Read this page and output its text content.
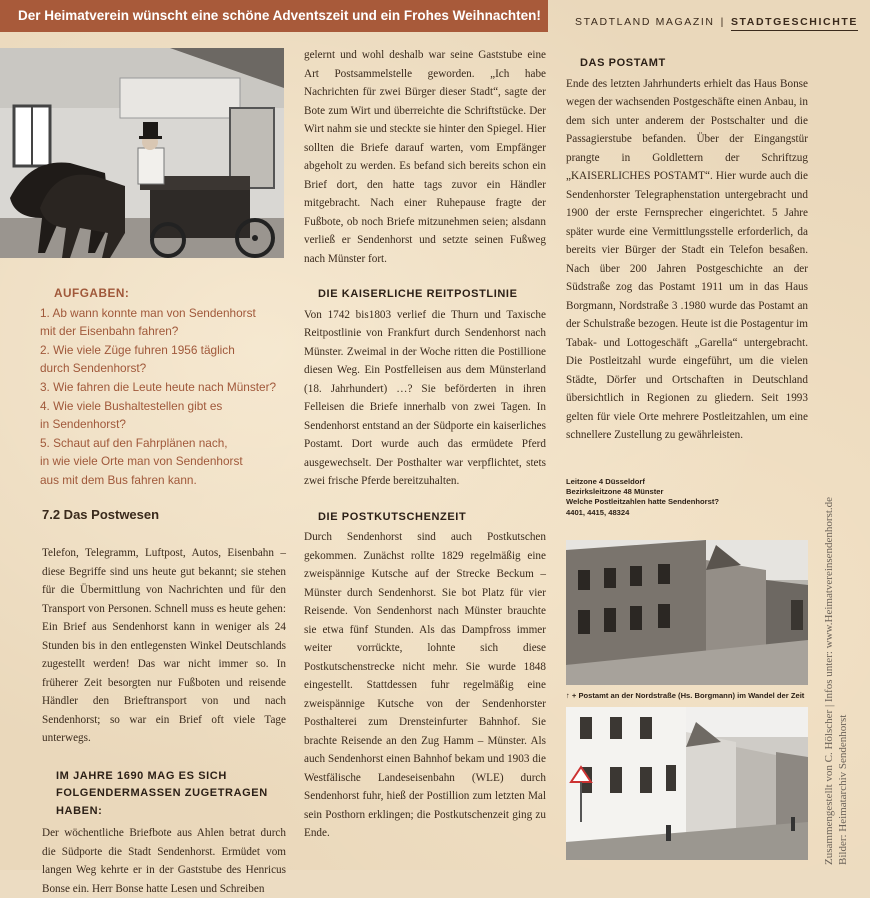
Der Heimatverein wünscht eine schöne Adventszeit und ein Frohes Weihnachten!	STADTLAND MAGAZIN | STADTGESCHICHTE
AUFGABEN:
1. Ab wann konnte man von Sendenhorst
mit der Eisenbahn fahren?
2. Wie viele Züge fuhren 1956 täglich
durch Sendenhorst?
3. Wie fahren die Leute heute nach Münster?
4. Wie viele Bushaltestellen gibt es
in Sendenhorst?
5. Schaut auf den Fahrplänen nach,
in wie viele Orte man von Sendenhorst
aus mit dem Bus fahren kann.
7.2 Das Postwesen

Telefon, Telegramm, Luftpost, Autos, Eisenbahn – diese Begriffe sind uns heute gut bekannt; sie stehen für die Übermittlung von Nachrichten und für den Transport von Personen. Schnell muss es heute gehen: Ein Brief aus Sendenhorst kann in weniger als 24 Stunden bis in den entlegensten Winkel Deutschlands zugestellt werden! Das war nicht immer so. In früherer Zeit besorgten nur Fußboten und reisende Händler den Brieftransport von und nach Sendenhorst; so war ein Brief oft viele Tage unterwegs.

IM JAHRE 1690 MAG ES SICH FOLGENDERMASSEN ZUGETRAGEN HABEN:

Der wöchentliche Briefbote aus Ahlen betrat durch die Südporte die Stadt Sendenhorst. Ermüdet vom langen Weg kehrte er in der Gaststube des Henricus Bonse ein. Herr Bonse hatte Lesen und Schreiben

gelernt und wohl deshalb war seine Gaststube eine Art Postsammelstelle geworden. „Ich habe Nachrichten für zwei Bürger dieser Stadt“, sagte der Bote zum Wirt und überreichte die Schriftstücke. Der Wirt nahm sie und steckte sie hinter den Spiegel. Hier sollten die Briefe darauf warten, vom Empfänger abgeholt zu werden. Es befand sich bereits schon ein Brief dort, den hatte tags zuvor ein Händler mitgebracht. Nach einer Ruhepause fragte der Fußbote, ob noch Briefe mitzunehmen seien; alsdann verließ er Sendenhorst und setzte seinen Fußweg nach Münster fort.

DIE KAISERLICHE REITPOSTLINIE

Von 1742 bis1803 verlief die Thurn und Taxische Reitpostlinie von Frankfurt durch Sendenhorst nach Münster. Zweimal in der Woche ritten die Postillione diesen Weg. Ein Postfelleisen aus dem Münsterland (18. Jahrhundert) …? Sie beförderten in ihren Felleisen die Briefe innerhalb von zwei Tagen. In Sendenhorst entstand an der Südporte ein kaiserliches Postamt. Dort wurde auch das ermüdete Pferd ausgewechselt. Der Posthalter war verpflichtet, stets zwei frische Pferde bereitzuhalten.

DIE POSTKUTSCHENZEIT

Durch Sendenhorst sind auch Postkutschen gekommen. Zunächst rollte 1829 regelmäßig eine zweispännige Kutsche auf der Strecke Beckum – Münster durch Sendenhorst. Sie bot Platz für vier Reisende. Von Sendenhorst nach Münster brauchte sie etwa fünf Stunden. Als das Dampfross immer weiter vorrückte, lohnte sich diese Postkutschenstrecke nicht mehr. Sie wurde 1848 eingestellt. Stattdessen fuhr regelmäßig eine zweispännige Kutsche von der Sendenhorster Posthalterei zum Drensteinfurter Bahnhof. Sie brachte Reisende an den Zug Hamm – Münster. Als auch Sendenhorst einen Bahnhof bekam und 1903 die Westfälische Landeseisenbahn (WLE) durch Sendenhorst fuhr, hieß der Postillion zum letzten Mal sein Posthorn erklingen; die Postkutschenzeit ging zu Ende.

DAS POSTAMT

Ende des letzten Jahrhunderts erhielt das Haus Bonse wegen der wachsenden Postgeschäfte einen Anbau, in dem sich unter anderem der Postschalter und die Passagierstube befanden. Über der Eingangstür prangte in Goldlettern der Schriftzug „KAISERLICHES POSTAMT“. Hier wurde auch die Sendenhorster Telegraphenstation untergebracht und 1900 der erste Fernsprecher eingerichtet. 5 Jahre später wurde eine Vermittlungsstelle erforderlich, da bereits vier Bürger der Stadt ein Telefon besaßen. Nach über 200 Jahren Postgeschichte an der Südstraße zog das Postamt 1911 um in das Haus Borgmann, Nordstraße 3 .1980 wurde das Postamt an der Schulstraße bezogen. Heute ist die Postagentur im Tabak- und Lottogeschäft „Garella“ untergebracht. Die Postleitzahl wurde eingeführt, um die vielen Städte, Dörfer und Ortschaften in Deutschland übersichtlich in Regionen zu gliedern. Seit 1993 gelten für viele Orte mehrere Postleitzahlen, um eine schnellere Zustellung zu gewährleisten.

Leitzone 4 Düsseldorf
Bezirksleitzone 48 Münster
Welche Postleitzahlen hatte Sendenhorst?
4401, 4415, 48324
↑ + Postamt an der Nordstraße (Hs. Borgmann) im Wandel der Zeit Zusammengestellt von C. Hölscher | Infos unter: www.Heimatvereinsendenhorst.de Bilder: Heimatarchiv Sendenhorst
